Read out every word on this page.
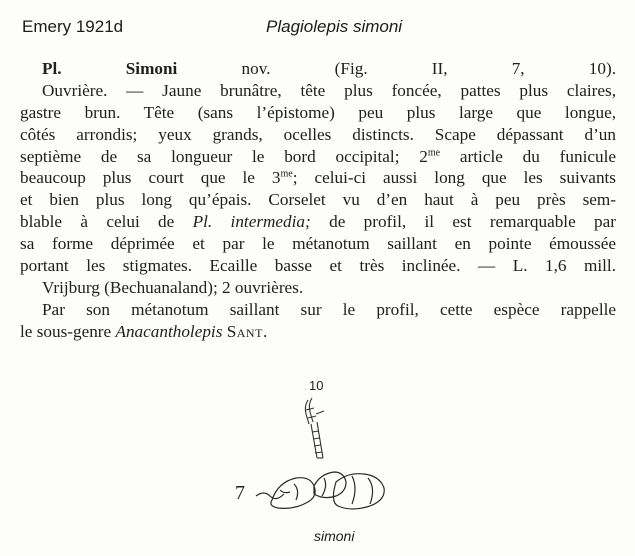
Emery 1921d	Plagiolepis simoni
Pl. Simoni nov. (Fig. II, 7, 10).
Ouvrière. — Jaune brunâtre, tête plus foncée, pattes plus claires,
gastre brun. Tête (sans l’épistome) peu plus large que longue,
côtés arrondis; yeux grands, ocelles distincts. Scape dépassant d’un
septième de sa longueur le bord occipital; $2^{me}$ article du funicule
beaucoup plus court que le $3^{me}$; celui-ci aussi long que les suivants
et bien plus long qu’épais. Corselet vu d’en haut à peu près sem-
blable à celui de Pl. intermedia; de profil, il est remarquable par
sa forme déprimée et par le métanotum saillant en pointe émoussée
portant les stigmates. Ecaille basse et très inclinée. — L. 1,6 mill.
Vrijburg (Bechuanaland); 2 ouvrières.
Par son métanotum saillant sur le profil, cette espèce rappelle
le sous-genre Anacantholepis Sant.
10
7
simoni
